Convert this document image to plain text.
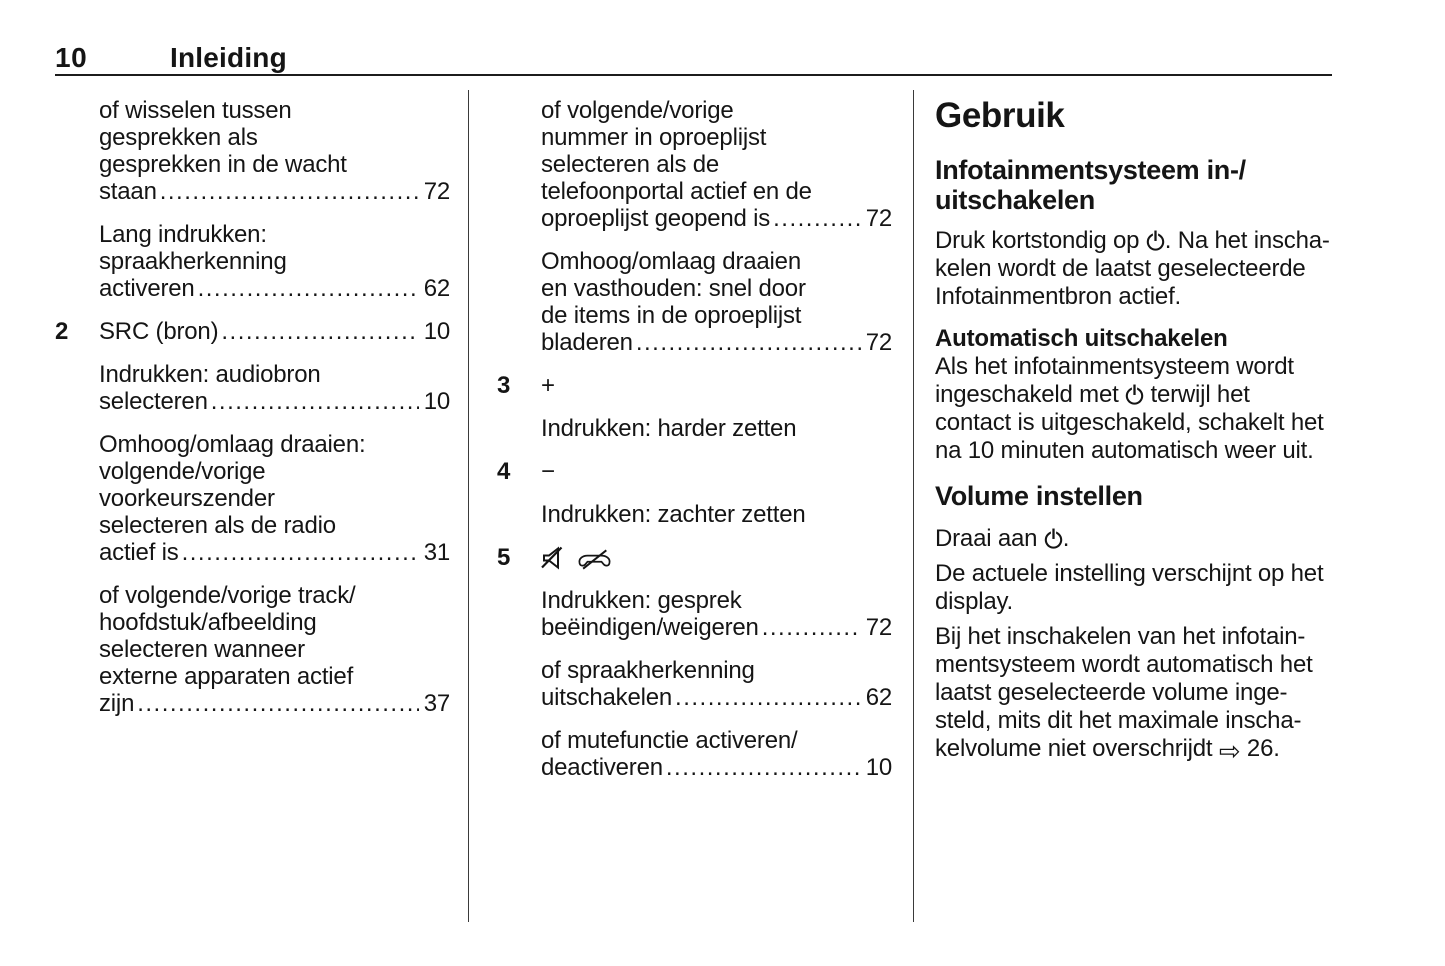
10	Inleiding
of wisselen tussen
gesprekken als
gesprekken in de wacht
staan .....	72
Lang indrukken:
spraakherkenning
activeren .....	62
2	SRC (bron) .....	10
Indrukken: audiobron
selecteren .....	10
Omhoog/omlaag draaien:
volgende/vorige
voorkeurszender
selecteren als de radio
actief is .....	31
of volgende/vorige track/
hoofdstuk/afbeelding
selecteren wanneer
externe apparaten actief
zijn .....	37
of volgende/vorige
nummer in oproeplijst
selecteren als de
telefoonportal actief en de
oproeplijst geopend is .....	72
Omhoog/omlaag draaien
en vasthouden: snel door
de items in de oproeplijst
bladeren .....	72
3	+
Indrukken: harder zetten
4	−
Indrukken: zachter zetten
5

Indrukken: gesprek
beëindigen/weigeren .....	72
of spraakherkenning
uitschakelen .....	62
of mutefunctie activeren/
deactiveren .....	10
Gebruik
Infotainmentsysteem in-/
uitschakelen
Druk kortstondig op . Na het inscha-
kelen wordt de laatst geselecteerde
Infotainmentbron actief.
Automatisch uitschakelen
Als het infotainmentsysteem wordt
ingeschakeld met  terwijl het
contact is uitgeschakeld, schakelt het
na 10 minuten automatisch weer uit.
Volume instellen
Draai aan .
De actuele instelling verschijnt op het
display.
Bij het inschakelen van het infotain-
mentsysteem wordt automatisch het
laatst geselecteerde volume inge-
steld, mits dit het maximale inscha-
kelvolume niet overschrijdt ⇨ 26.
